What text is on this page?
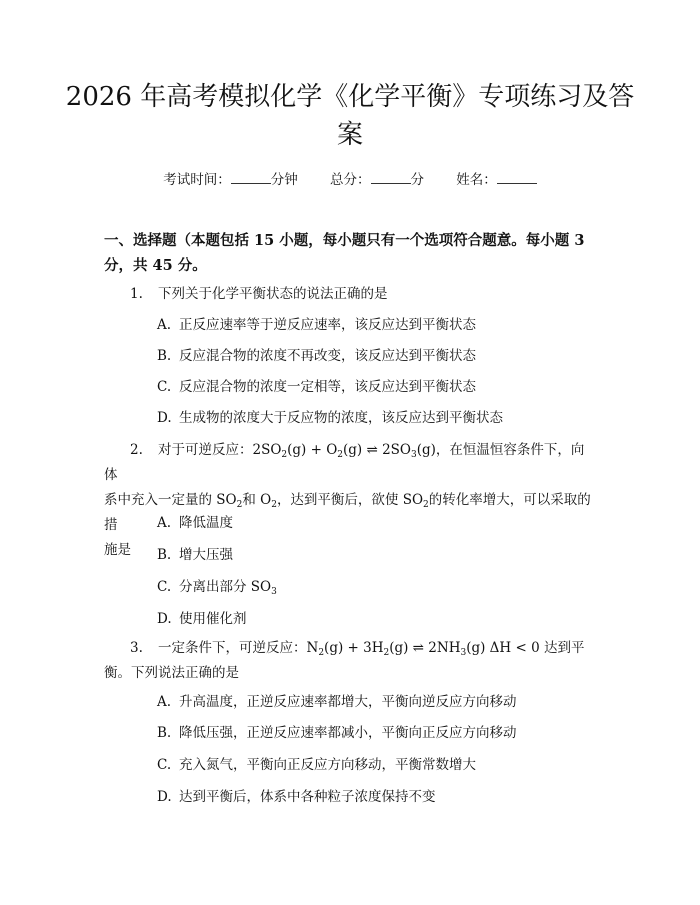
2026 年高考模拟化学《化学平衡》专项练习及答案
考试时间：	分钟 总分：	分 姓名：
一、选择题（本题包括 15 小题，每小题只有一个选项符合题意。每小题 3 分，共 45 分。
1. 下列关于化学平衡状态的说法正确的是
A. 正反应速率等于逆反应速率，该反应达到平衡状态
B. 反应混合物的浓度不再改变，该反应达到平衡状态
C. 反应混合物的浓度一定相等，该反应达到平衡状态
D. 生成物的浓度大于反应物的浓度，该反应达到平衡状态
2. 对于可逆反应：$2SO_2(g) + O_2(g)$ ⇌ $2SO_3(g)$，在恒温恒容条件下，向体
系中充入一定量的 $SO_2$和 $O_2$，达到平衡后，欲使 $SO_2$的转化率增大，可以采取的措
施是
A. 降低温度
B. 增大压强
C. 分离出部分 $SO_3$
D. 使用催化剂
3. 一定条件下，可逆反应：$N_2(g) + 3H_2(g)$ ⇌ $2NH_3(g) \Delta H < 0$ 达到平
衡。下列说法正确的是
A. 升高温度，正逆反应速率都增大，平衡向逆反应方向移动
B. 降低压强，正逆反应速率都减小，平衡向正反应方向移动
C. 充入氮气，平衡向正反应方向移动，平衡常数增大
D. 达到平衡后，体系中各种粒子浓度保持不变
